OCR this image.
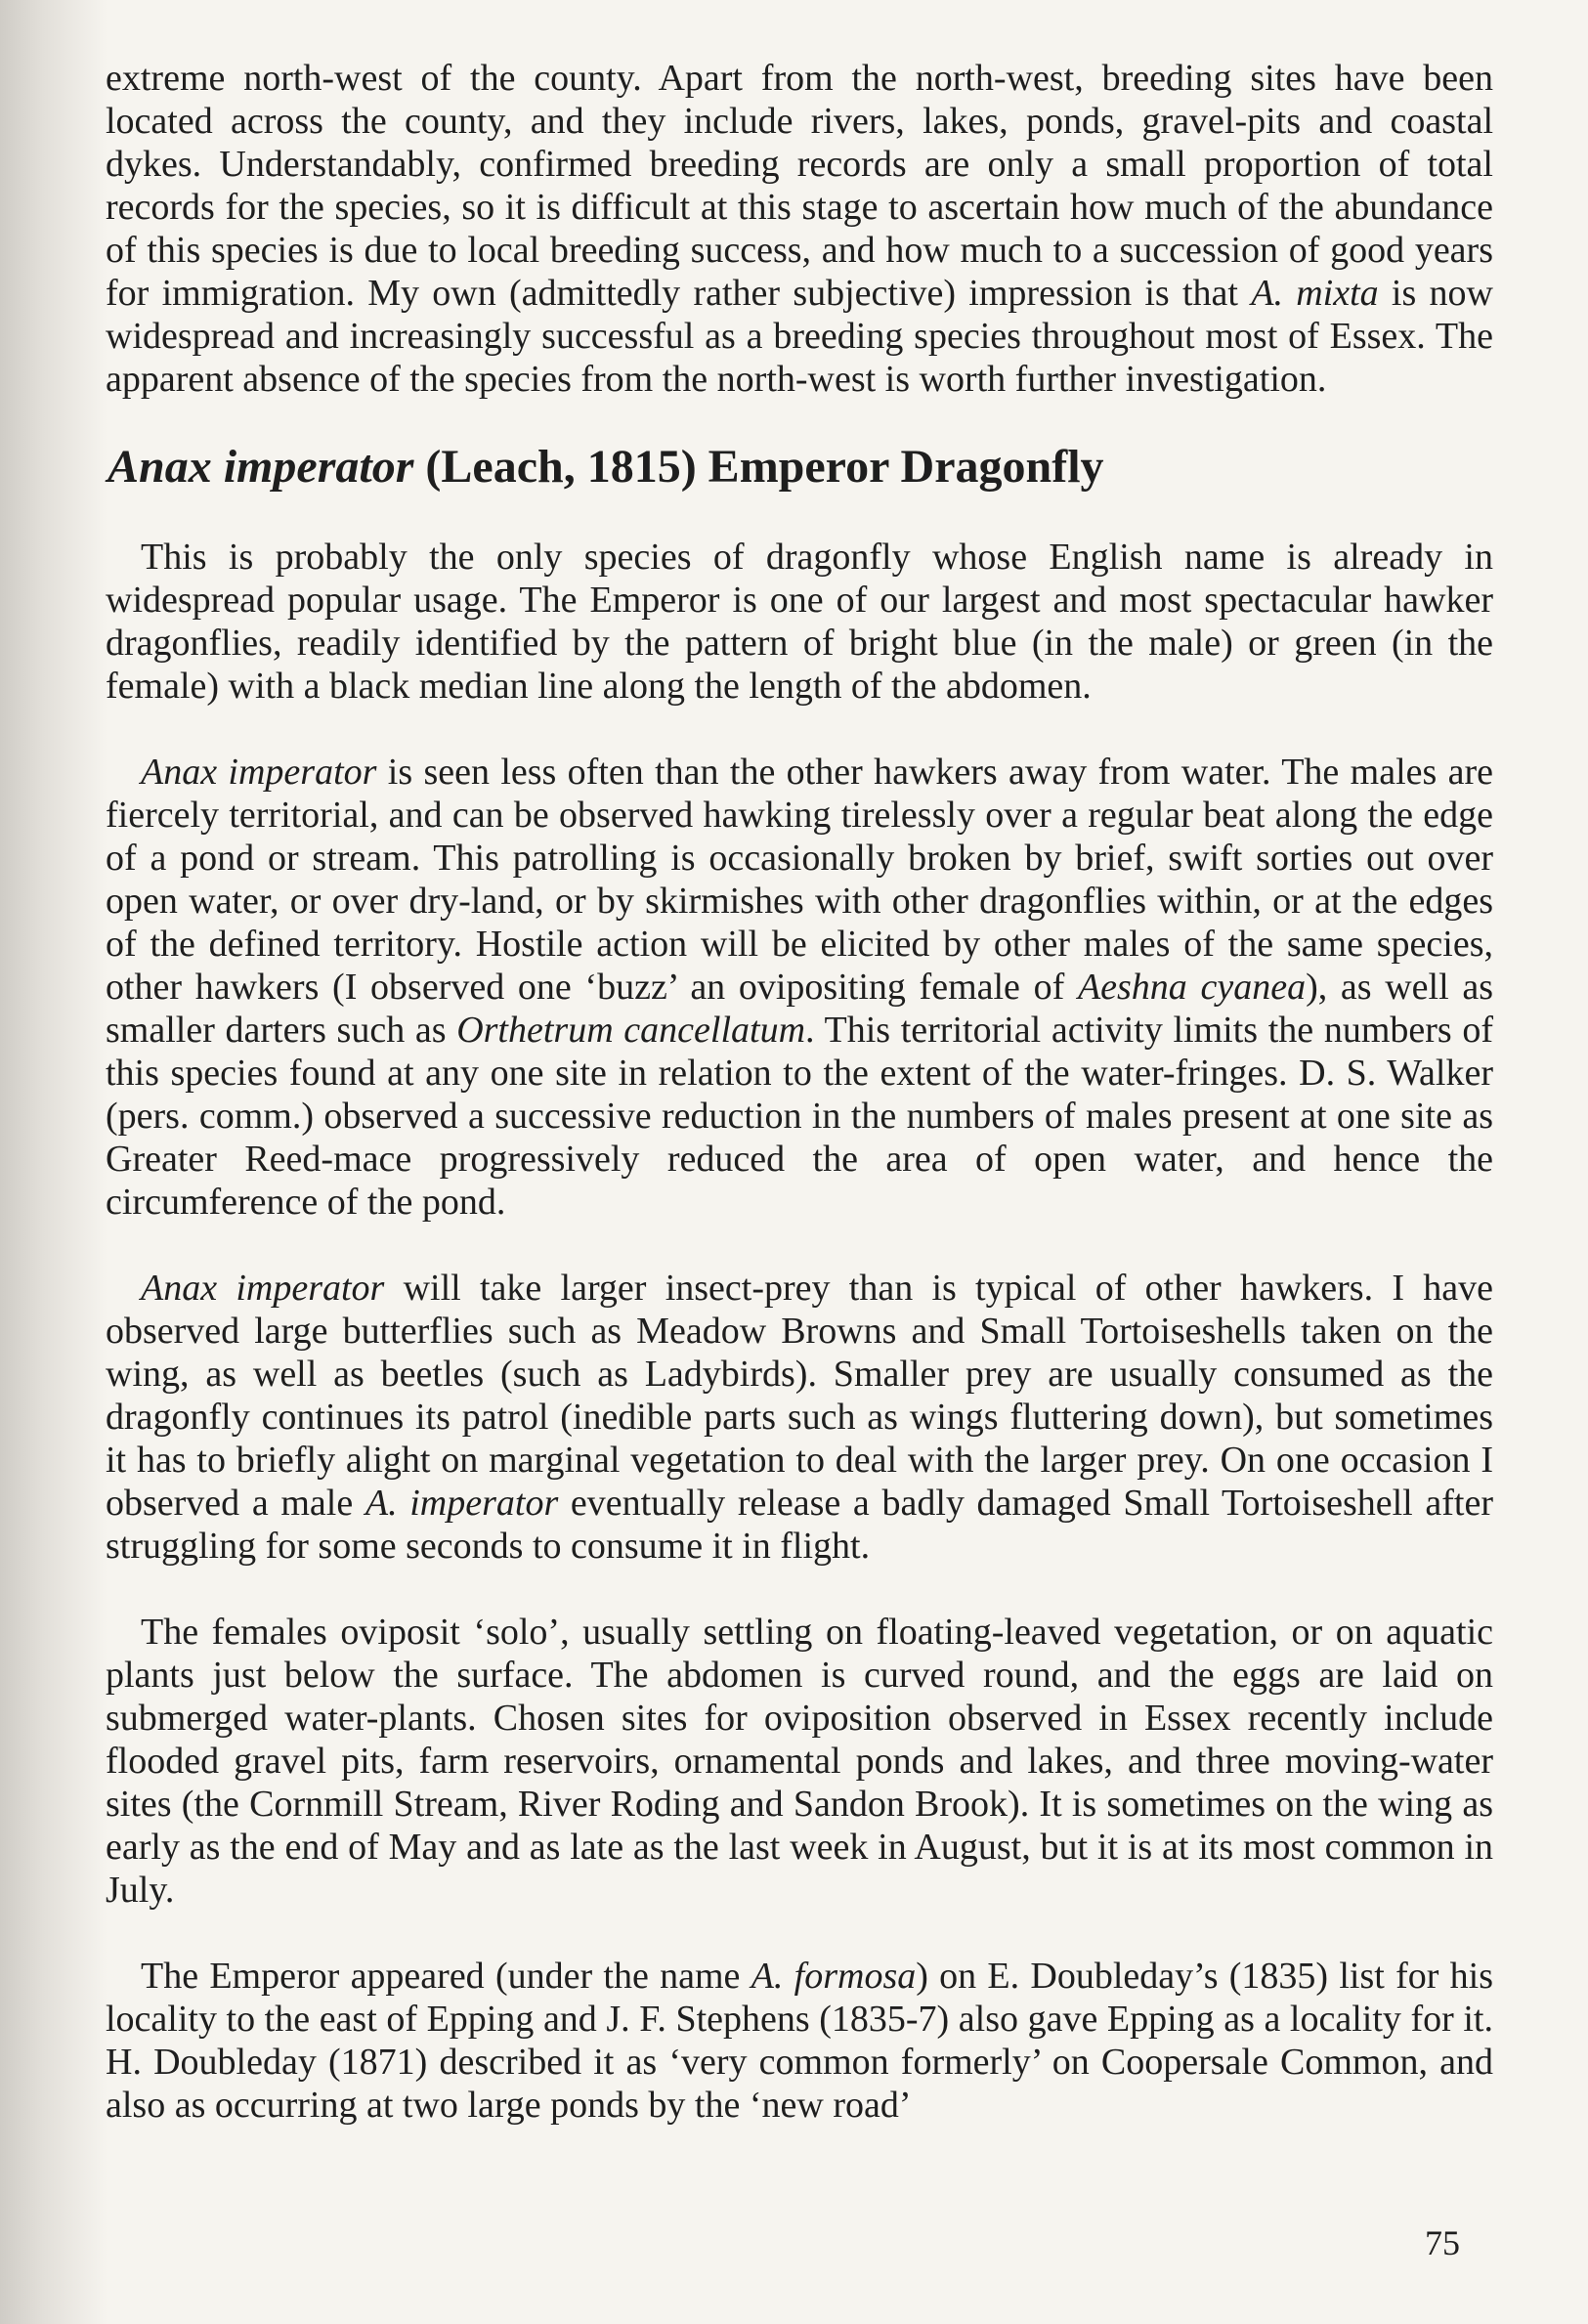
extreme north-west of the county. Apart from the north-west, breeding sites have been located across the county, and they include rivers, lakes, ponds, gravel-pits and coastal dykes. Understandably, confirmed breeding records are only a small proportion of total records for the species, so it is difficult at this stage to ascertain how much of the abundance of this species is due to local breeding success, and how much to a succession of good years for immigration. My own (admittedly rather subjective) impression is that A. mixta is now widespread and increasingly successful as a breeding species throughout most of Essex. The apparent absence of the species from the north-west is worth further investigation.

Anax imperator (Leach, 1815) Emperor Dragonfly

This is probably the only species of dragonfly whose English name is already in widespread popular usage. The Emperor is one of our largest and most spectacular hawker dragonflies, readily identified by the pattern of bright blue (in the male) or green (in the female) with a black median line along the length of the abdomen.

Anax imperator is seen less often than the other hawkers away from water. The males are fiercely territorial, and can be observed hawking tirelessly over a regular beat along the edge of a pond or stream. This patrolling is occasionally broken by brief, swift sorties out over open water, or over dry-land, or by skirmishes with other dragonflies within, or at the edges of the defined territory. Hostile action will be elicited by other males of the same species, other hawkers (I observed one ‘buzz’ an ovipositing female of Aeshna cyanea), as well as smaller darters such as Orthetrum cancellatum. This territorial activity limits the numbers of this species found at any one site in relation to the extent of the water-fringes. D. S. Walker (pers. comm.) observed a successive reduction in the numbers of males present at one site as Greater Reed-mace progressively reduced the area of open water, and hence the circumference of the pond.

Anax imperator will take larger insect-prey than is typical of other hawkers. I have observed large butterflies such as Meadow Browns and Small Tortoiseshells taken on the wing, as well as beetles (such as Ladybirds). Smaller prey are usually consumed as the dragonfly continues its patrol (inedible parts such as wings fluttering down), but sometimes it has to briefly alight on marginal vegetation to deal with the larger prey. On one occasion I observed a male A. imperator eventually release a badly damaged Small Tortoiseshell after struggling for some seconds to consume it in flight.

The females oviposit ‘solo’, usually settling on floating-leaved vegetation, or on aquatic plants just below the surface. The abdomen is curved round, and the eggs are laid on submerged water-plants. Chosen sites for oviposition observed in Essex recently include flooded gravel pits, farm reservoirs, ornamental ponds and lakes, and three moving-water sites (the Cornmill Stream, River Roding and Sandon Brook). It is sometimes on the wing as early as the end of May and as late as the last week in August, but it is at its most common in July.

The Emperor appeared (under the name A. formosa) on E. Doubleday’s (1835) list for his locality to the east of Epping and J. F. Stephens (1835-7) also gave Epping as a locality for it. H. Doubleday (1871) described it as ‘very common formerly’ on Coopersale Common, and also as occurring at two large ponds by the ‘new road’

75
